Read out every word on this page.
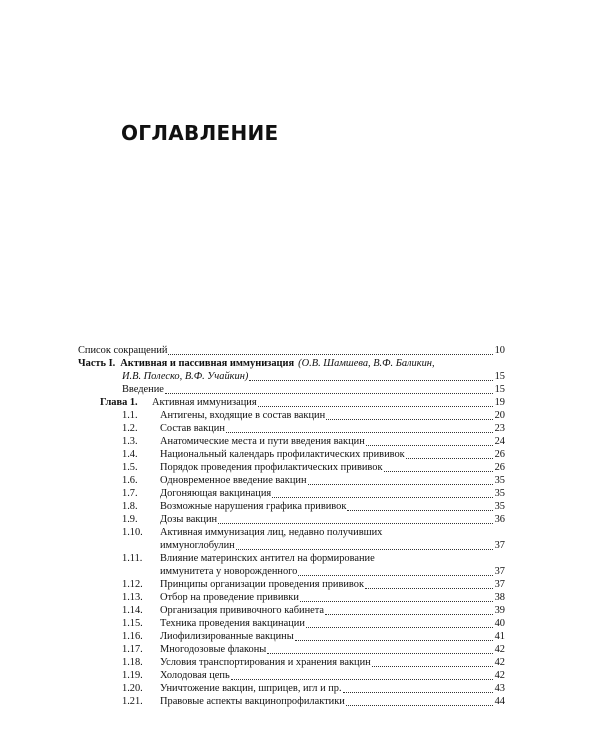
ОГЛАВЛЕНИЕ
Список сокращений	10
Часть I. Активная и пассивная иммунизация (О.В. Шамшева, В.Ф. Баликин,
И.В. Полеско, В.Ф. Учайкин)	15
Введение	15
Глава 1.	Активная иммунизация	19
1.1.	Антигены, входящие в состав вакцин	20
1.2.	Состав вакцин	23
1.3.	Анатомические места и пути введения вакцин	24
1.4.	Национальный календарь профилактических прививок	26
1.5.	Порядок проведения профилактических прививок	26
1.6.	Одновременное введение вакцин	35
1.7.	Догоняющая вакцинация	35
1.8.	Возможные нарушения графика прививок	35
1.9.	Дозы вакцин	36
1.10.	Активная иммунизация лиц, недавно получивших
иммуноглобулин	37
1.11.	Влияние материнских антител на формирование
иммунитета у новорожденного	37
1.12.	Принципы организации проведения прививок	37
1.13.	Отбор на проведение прививки	38
1.14.	Организация прививочного кабинета	39
1.15.	Техника проведения вакцинации	40
1.16.	Лиофилизированные вакцины	41
1.17.	Многодозовые флаконы	42
1.18.	Условия транспортирования и хранения вакцин	42
1.19.	Холодовая цепь	42
1.20.	Уничтожение вакцин, шприцев, игл и пр.	43
1.21.	Правовые аспекты вакцинопрофилактики	44
